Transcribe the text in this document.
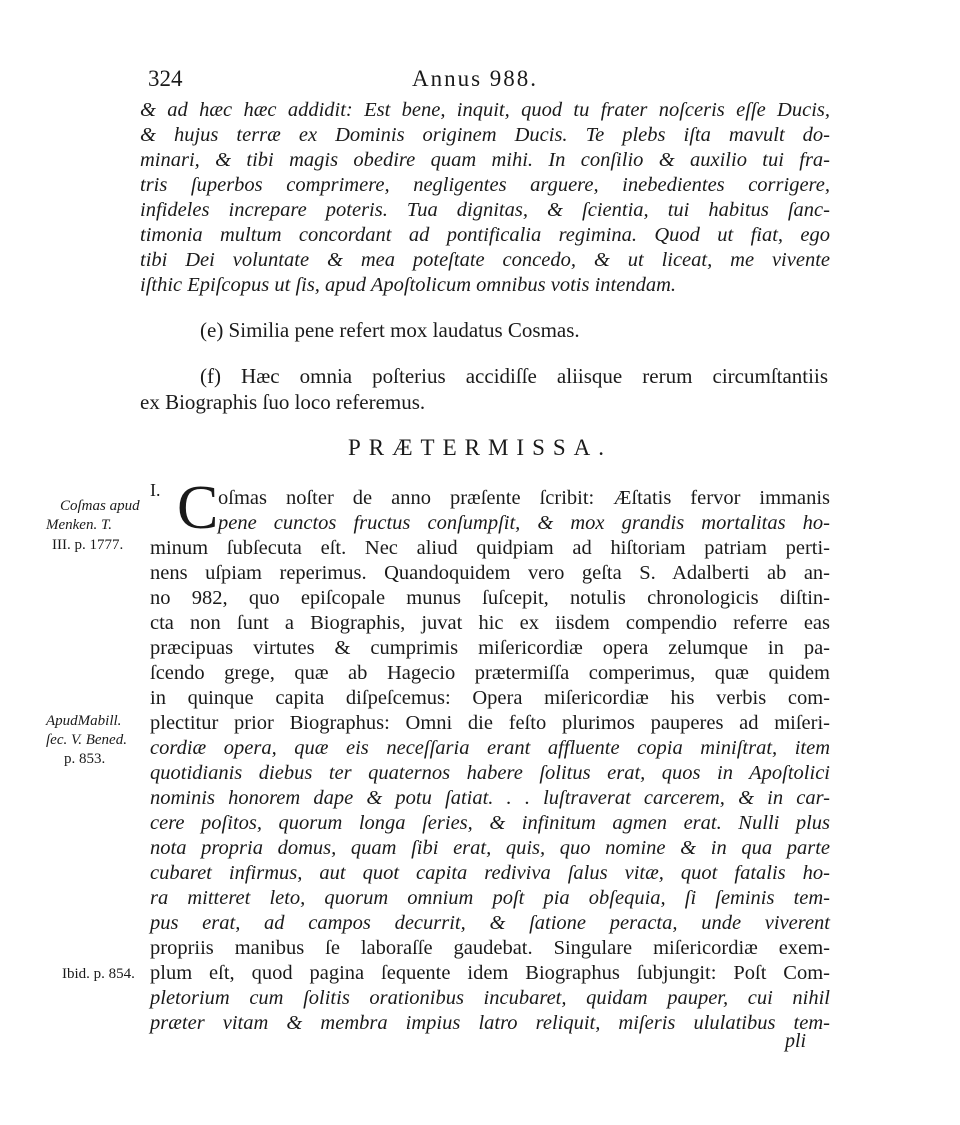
324	Annus 988.
& ad hæc hæc addidit: Est bene, inquit, quod tu frater noſceris eſſe Ducis,
& hujus terræ ex Dominis originem Ducis. Te plebs iſta mavult do-
minari, & tibi magis obedire quam mihi. In conſilio & auxilio tui fra-
tris ſuperbos comprimere, negligentes arguere, inebedientes corrigere,
infideles increpare poteris. Tua dignitas, & ſcientia, tui habitus ſanc-
timonia multum concordant ad pontificalia regimina. Quod ut fiat, ego
tibi Dei voluntate & mea poteſtate concedo, & ut liceat, me vivente
iſthic Epiſcopus ut ſis, apud Apoſtolicum omnibus votis intendam.
(e) Similia pene refert mox laudatus Cosmas.
(f) Hæc omnia poſterius accidiſſe aliisque rerum circumſtantiis
ex Biographis ſuo loco referemus.
PRÆTERMISSA.
I. C oſmas noſter de anno præſente ſcribit: Æſtatis fervor immanis
pene cunctos fructus conſumpſit, & mox grandis mortalitas ho-
minum ſubſecuta eſt. Nec aliud quidpiam ad hiſtoriam patriam perti-
nens uſpiam reperimus. Quandoquidem vero geſta S. Adalberti ab an-
no 982, quo epiſcopale munus ſuſcepit, notulis chronologicis diſtin-
cta non ſunt a Biographis, juvat hic ex iisdem compendio referre eas
præcipuas virtutes & cumprimis miſericordiæ opera zelumque in pa-
ſcendo grege, quæ ab Hagecio prætermiſſa comperimus, quæ quidem
in quinque capita diſpeſcemus: Opera miſericordiæ his verbis com-
plectitur prior Biographus: Omni die feſto plurimos pauperes ad miſeri-
cordiæ opera, quæ eis neceſſaria erant affluente copia miniſtrat, item
quotidianis diebus ter quaternos habere ſolitus erat, quos in Apoſtolici
nominis honorem dape & potu ſatiat. . . luſtraverat carcerem, & in car-
cere poſitos, quorum longa ſeries, & infinitum agmen erat. Nulli plus
nota propria domus, quam ſibi erat, quis, quo nomine & in qua parte
cubaret infirmus, aut quot capita rediviva ſalus vitæ, quot fatalis ho-
ra mitteret leto, quorum omnium poſt pia obſequia, ſi ſeminis tem-
pus erat, ad campos decurrit, & ſatione peracta, unde viverent
propriis manibus ſe laboraſſe gaudebat. Singulare miſericordiæ exem-
plum eſt, quod pagina ſequente idem Biographus ſubjungit: Poſt Com-
pletorium cum ſolitis orationibus incubaret, quidam pauper, cui nihil
præter vitam & membra impius latro reliquit, miſeris ululatibus tem-
Coſmas apud
Menken. T.
III. p. 1777.
ApudMabill.
ſec. V. Bened.
p. 853.
Ibid. p. 854.
pli
